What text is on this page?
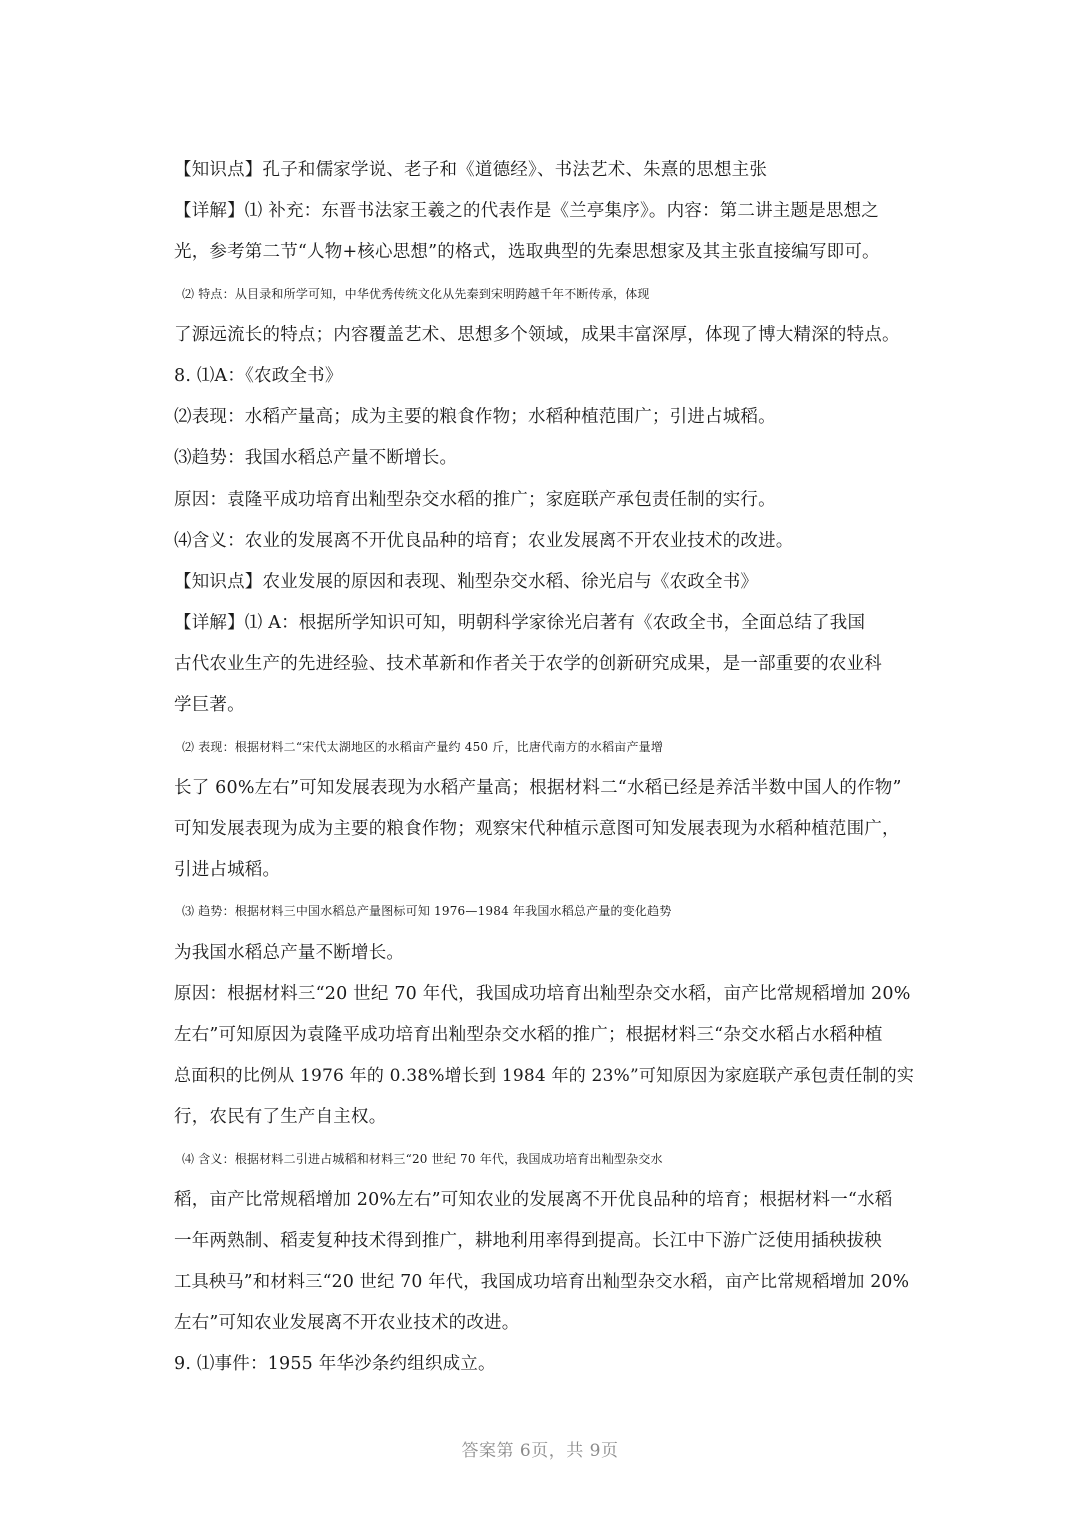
【知识点】孔子和儒家学说、老子和《道德经》、书法艺术、朱熹的思想主张
【详解】⑴ 补充：东晋书法家王羲之的代表作是《兰亭集序》。内容：第二讲主题是思想之
光，参考第二节“人物+核心思想”的格式，选取典型的先秦思想家及其主张直接编写即可。
⑵ 特点：从目录和所学可知，中华优秀传统文化从先秦到宋明跨越千年不断传承，体现
了源远流长的特点；内容覆盖艺术、思想多个领域，成果丰富深厚，体现了博大精深的特点。
8. ⑴A：《农政全书》
⑵表现：水稻产量高；成为主要的粮食作物；水稻种植范围广；引进占城稻。
⑶趋势：我国水稻总产量不断增长。
原因：袁隆平成功培育出籼型杂交水稻的推广；家庭联产承包责任制的实行。
⑷含义：农业的发展离不开优良品种的培育；农业发展离不开农业技术的改进。
【知识点】农业发展的原因和表现、籼型杂交水稻、徐光启与《农政全书》
【详解】⑴ A：根据所学知识可知，明朝科学家徐光启著有《农政全书，全面总结了我国
古代农业生产的先进经验、技术革新和作者关于农学的创新研究成果，是一部重要的农业科
学巨著。
⑵ 表现：根据材料二“宋代太湖地区的水稻亩产量约 450 斤，比唐代南方的水稻亩产量增
长了 60%左右”可知发展表现为水稻产量高；根据材料二“水稻已经是养活半数中国人的作物”
可知发展表现为成为主要的粮食作物；观察宋代种植示意图可知发展表现为水稻种植范围广，
引进占城稻。
⑶ 趋势：根据材料三中国水稻总产量图标可知 1976—1984 年我国水稻总产量的变化趋势
为我国水稻总产量不断增长。
原因：根据材料三“20 世纪 70 年代，我国成功培育出籼型杂交水稻，亩产比常规稻增加 20%
左右”可知原因为袁隆平成功培育出籼型杂交水稻的推广；根据材料三“杂交水稻占水稻种植
总面积的比例从 1976 年的 0.38%增长到 1984 年的 23%”可知原因为家庭联产承包责任制的实
行，农民有了生产自主权。
⑷ 含义：根据材料二引进占城稻和材料三“20 世纪 70 年代，我国成功培育出籼型杂交水
稻，亩产比常规稻增加 20%左右”可知农业的发展离不开优良品种的培育；根据材料一“水稻
一年两熟制、稻麦复种技术得到推广，耕地利用率得到提高。长江中下游广泛使用插秧拔秧
工具秧马”和材料三“20 世纪 70 年代，我国成功培育出籼型杂交水稻，亩产比常规稻增加 20%
左右”可知农业发展离不开农业技术的改进。
9. ⑴事件：1955 年华沙条约组织成立。
答案第 6页，共 9页
